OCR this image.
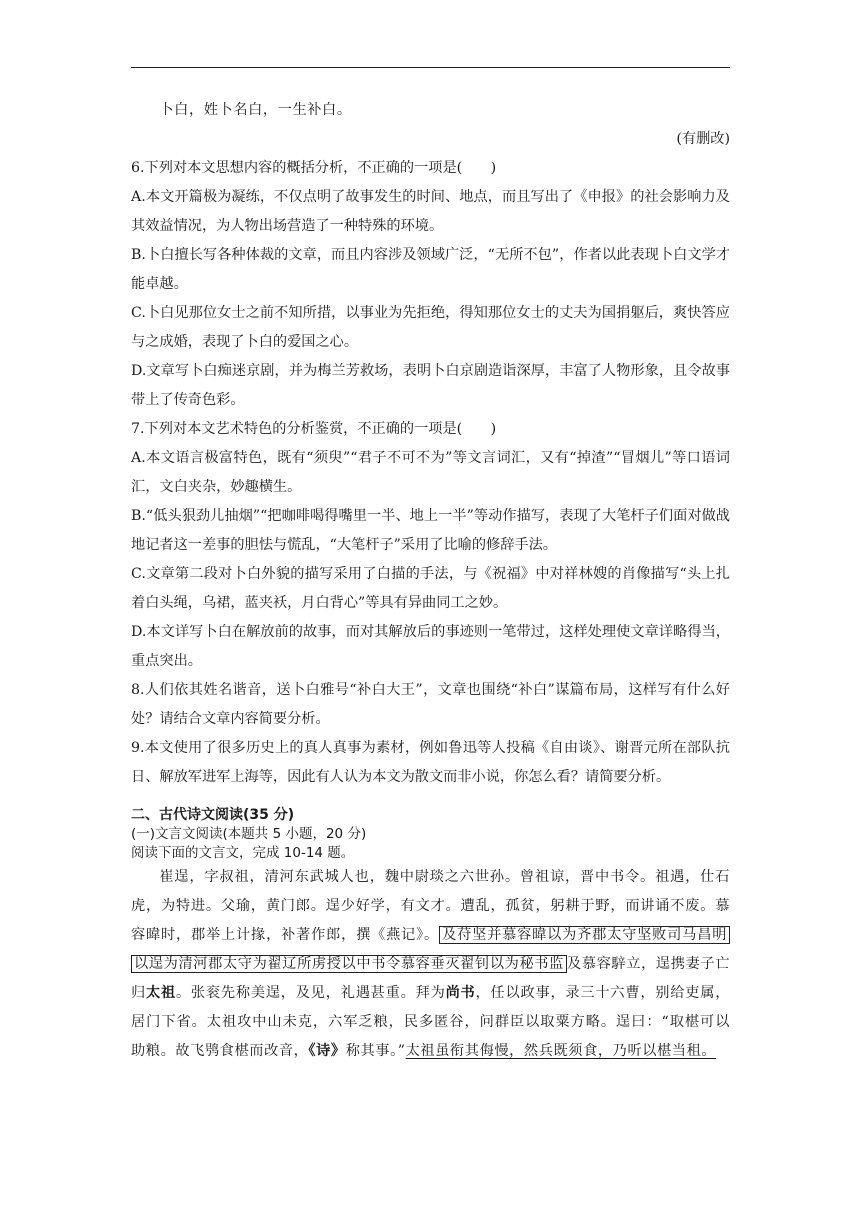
卜白，姓卜名白，一生补白。

(有删改)

6.下列对本文思想内容的概括分析，不正确的一项是(　　)

A.本文开篇极为凝练，不仅点明了故事发生的时间、地点，而且写出了《申报》的社会影响力及其效益情况，为人物出场营造了一种特殊的环境。

B.卜白擅长写各种体裁的文章，而且内容涉及领域广泛，“无所不包”，作者以此表现卜白文学才能卓越。

C.卜白见那位女士之前不知所措，以事业为先拒绝，得知那位女士的丈夫为国捐躯后，爽快答应与之成婚，表现了卜白的爱国之心。

D.文章写卜白痴迷京剧，并为梅兰芳救场，表明卜白京剧造诣深厚，丰富了人物形象，且令故事带上了传奇色彩。

7.下列对本文艺术特色的分析鉴赏，不正确的一项是(　　)

A.本文语言极富特色，既有“须臾”“君子不可不为”等文言词汇，又有“掉渣”“冒烟儿”等口语词汇，文白夹杂，妙趣横生。

B.“低头狠劲儿抽烟”“把咖啡喝得嘴里一半、地上一半”等动作描写，表现了大笔杆子们面对做战地记者这一差事的胆怯与慌乱，“大笔杆子”采用了比喻的修辞手法。

C.文章第二段对卜白外貌的描写采用了白描的手法，与《祝福》中对祥林嫂的肖像描写“头上扎着白头绳，乌裙，蓝夹袄，月白背心”等具有异曲同工之妙。

D.本文详写卜白在解放前的故事，而对其解放后的事迹则一笔带过，这样处理使文章详略得当，重点突出。

8.人们依其姓名谐音，送卜白雅号“补白大王”，文章也围绕“补白”谋篇布局，这样写有什么好处？请结合文章内容简要分析。

9.本文使用了很多历史上的真人真事为素材，例如鲁迅等人投稿《自由谈》、谢晋元所在部队抗日、解放军进军上海等，因此有人认为本文为散文而非小说，你怎么看？请简要分析。

二、古代诗文阅读(35 分)

(一)文言文阅读(本题共 5 小题，20 分)

阅读下面的文言文，完成 10-14 题。

崔逞，字叔祖，清河东武城人也，魏中尉琰之六世孙。曾祖谅，晋中书令。祖遇，仕石虎，为特进。父瑜，黄门郎。逞少好学，有文才。遭乱，孤贫，躬耕于野，而讲诵不废。慕容暐时，郡举上计掾，补著作郎，撰《燕记》。 及苻坚并慕容暐以为齐郡太守坚败司马昌明以逞为清河郡太守为翟辽所虏授以中书令慕容垂灭翟钊以为秘书监 及慕容騂立，逞携妻子亡归太祖。张衮先称美逞，及见，礼遇甚重。拜为尚书，任以政事，录三十六曹，别给吏属，居门下省。太祖攻中山未克，六军乏粮，民多匿谷，问群臣以取粟方略。逞曰：“取椹可以助粮。故飞鸮食椹而改音，《诗》称其事。”太祖虽衔其侮慢，然兵既须食，乃听以椹当租。
